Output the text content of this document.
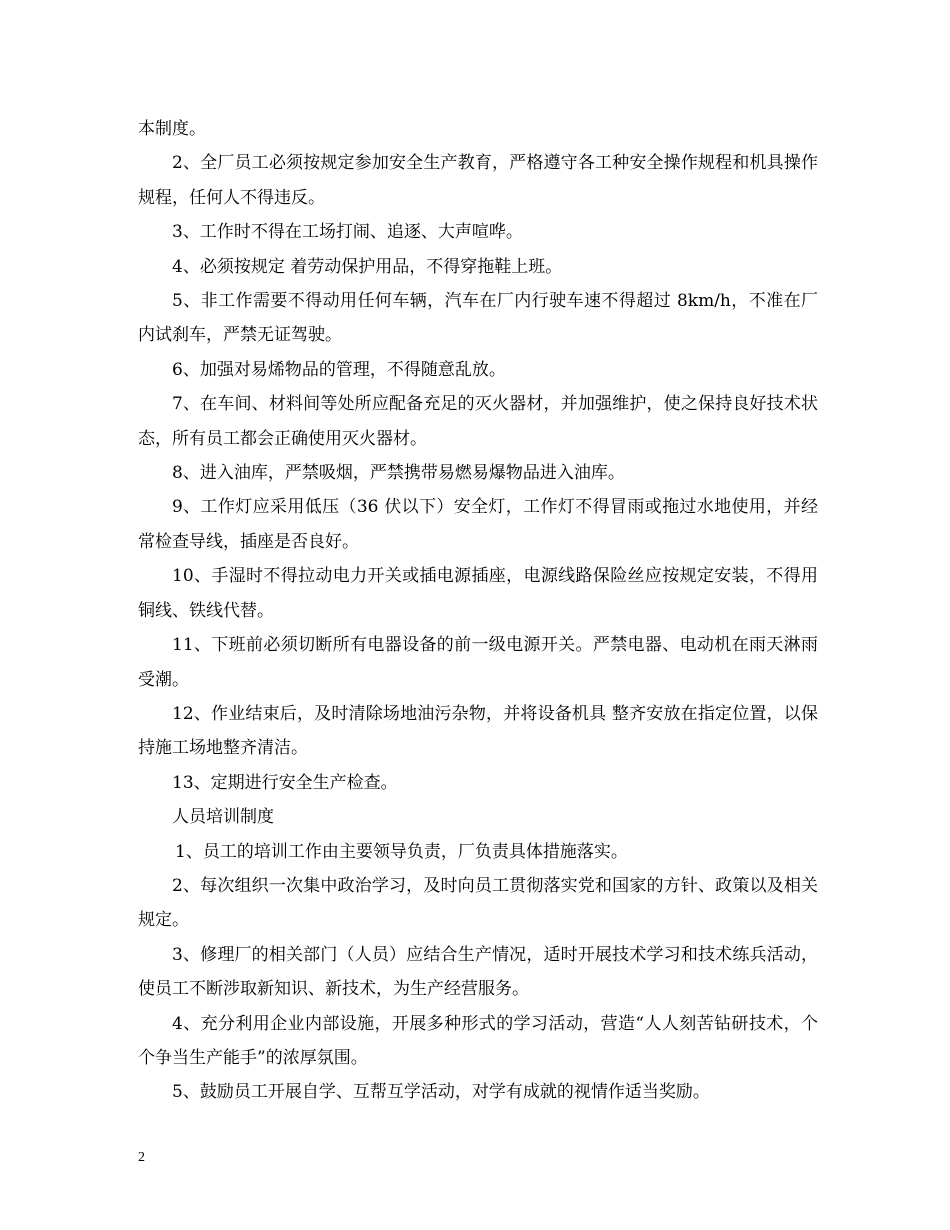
本制度。

2、全厂员工必须按规定参加安全生产教育，严格遵守各工种安全操作规程和机具操作规程，任何人不得违反。

3、工作时不得在工场打闹、追逐、大声喧哗。

4、必须按规定 着劳动保护用品，不得穿拖鞋上班。

5、非工作需要不得动用任何车辆，汽车在厂内行驶车速不得超过 8km/h，不准在厂内试刹车，严禁无证驾驶。

6、加强对易烯物品的管理，不得随意乱放。

7、在车间、材料间等处所应配备充足的灭火器材，并加强维护，使之保持良好技术状态，所有员工都会正确使用灭火器材。

8、进入油库，严禁吸烟，严禁携带易燃易爆物品进入油库。

9、工作灯应采用低压（36 伏以下）安全灯，工作灯不得冒雨或拖过水地使用，并经常检查导线，插座是否良好。

10、手湿时不得拉动电力开关或插电源插座，电源线路保险丝应按规定安装，不得用铜线、铁线代替。

11、下班前必须切断所有电器设备的前一级电源开关。严禁电器、电动机在雨天淋雨受潮。

12、作业结束后，及时清除场地油污杂物，并将设备机具 整齐安放在指定位置，以保持施工场地整齐清洁。

13、定期进行安全生产检查。

人员培训制度

1、员工的培训工作由主要领导负责，厂负责具体措施落实。

2、每次组织一次集中政治学习，及时向员工贯彻落实党和国家的方针、政策以及相关 规定。

3、修理厂的相关部门（人员）应结合生产情况，适时开展技术学习和技术练兵活动，使员工不断涉取新知识、新技术，为生产经营服务。

4、充分利用企业内部设施，开展多种形式的学习活动，营造“人人刻苦钻研技术，个个争当生产能手”的浓厚氛围。

5、鼓励员工开展自学、互帮互学活动，对学有成就的视情作适当奖励。

2
